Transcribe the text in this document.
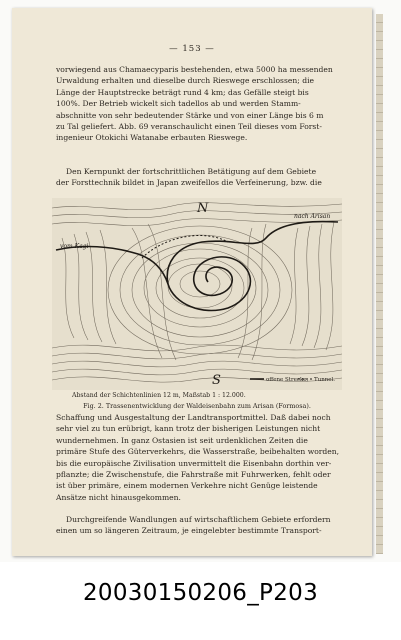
— 153 —

vorwiegend aus Chamaecyparis bestehenden, etwa 5000 ha messenden
Urwaldung erhalten und dieselbe durch Rieswege erschlossen; die
Länge der Hauptstrecke beträgt rund 4 km; das Gefälle steigt bis
100%. Der Betrieb wickelt sich tadellos ab und werden Stamm-
abschnitte von sehr bedeutender Stärke und von einer Länge bis 6 m
zu Tal geliefert. Abb. 69 veranschaulicht einen Teil dieses vom Forst-
ingenieur Otokichi Watanabe erbauten Rieswege.

Den Kernpunkt der fortschrittlichen Betätigung auf dem Gebiete
der Forsttechnik bildet in Japan zweifellos die Verfeinerung, bzw. die

N
vom Kagi
nach Arisan
S	offene Strecke; Tunnel.
Abstand der Schichtenlinien 12 m, Maßstab 1 : 12.000.
Fig. 2. Trassenentwicklung der Waldeisenbahn zum Arisan (Formosa).

Schaffung und Ausgestaltung der Landtransportmittel. Daß dabei noch
sehr viel zu tun erübrigt, kann trotz der bisherigen Leistungen nicht
wundernehmen. In ganz Ostasien ist seit urdenklichen Zeiten die
primäre Stufe des Güterverkehrs, die Wasserstraße, beibehalten worden,
bis die europäische Zivilisation unvermittelt die Eisenbahn dorthin ver-
pflanzte; die Zwischenstufe, die Fahrstraße mit Fuhrwerken, fehlt oder
ist über primäre, einem modernen Verkehre nicht Genüge leistende
Ansätze nicht hinausgekommen.

Durchgreifende Wandlungen auf wirtschaftlichem Gebiete erfordern
einen um so längeren Zeitraum, je eingelebter bestimmte Transport-

20030150206_P203
